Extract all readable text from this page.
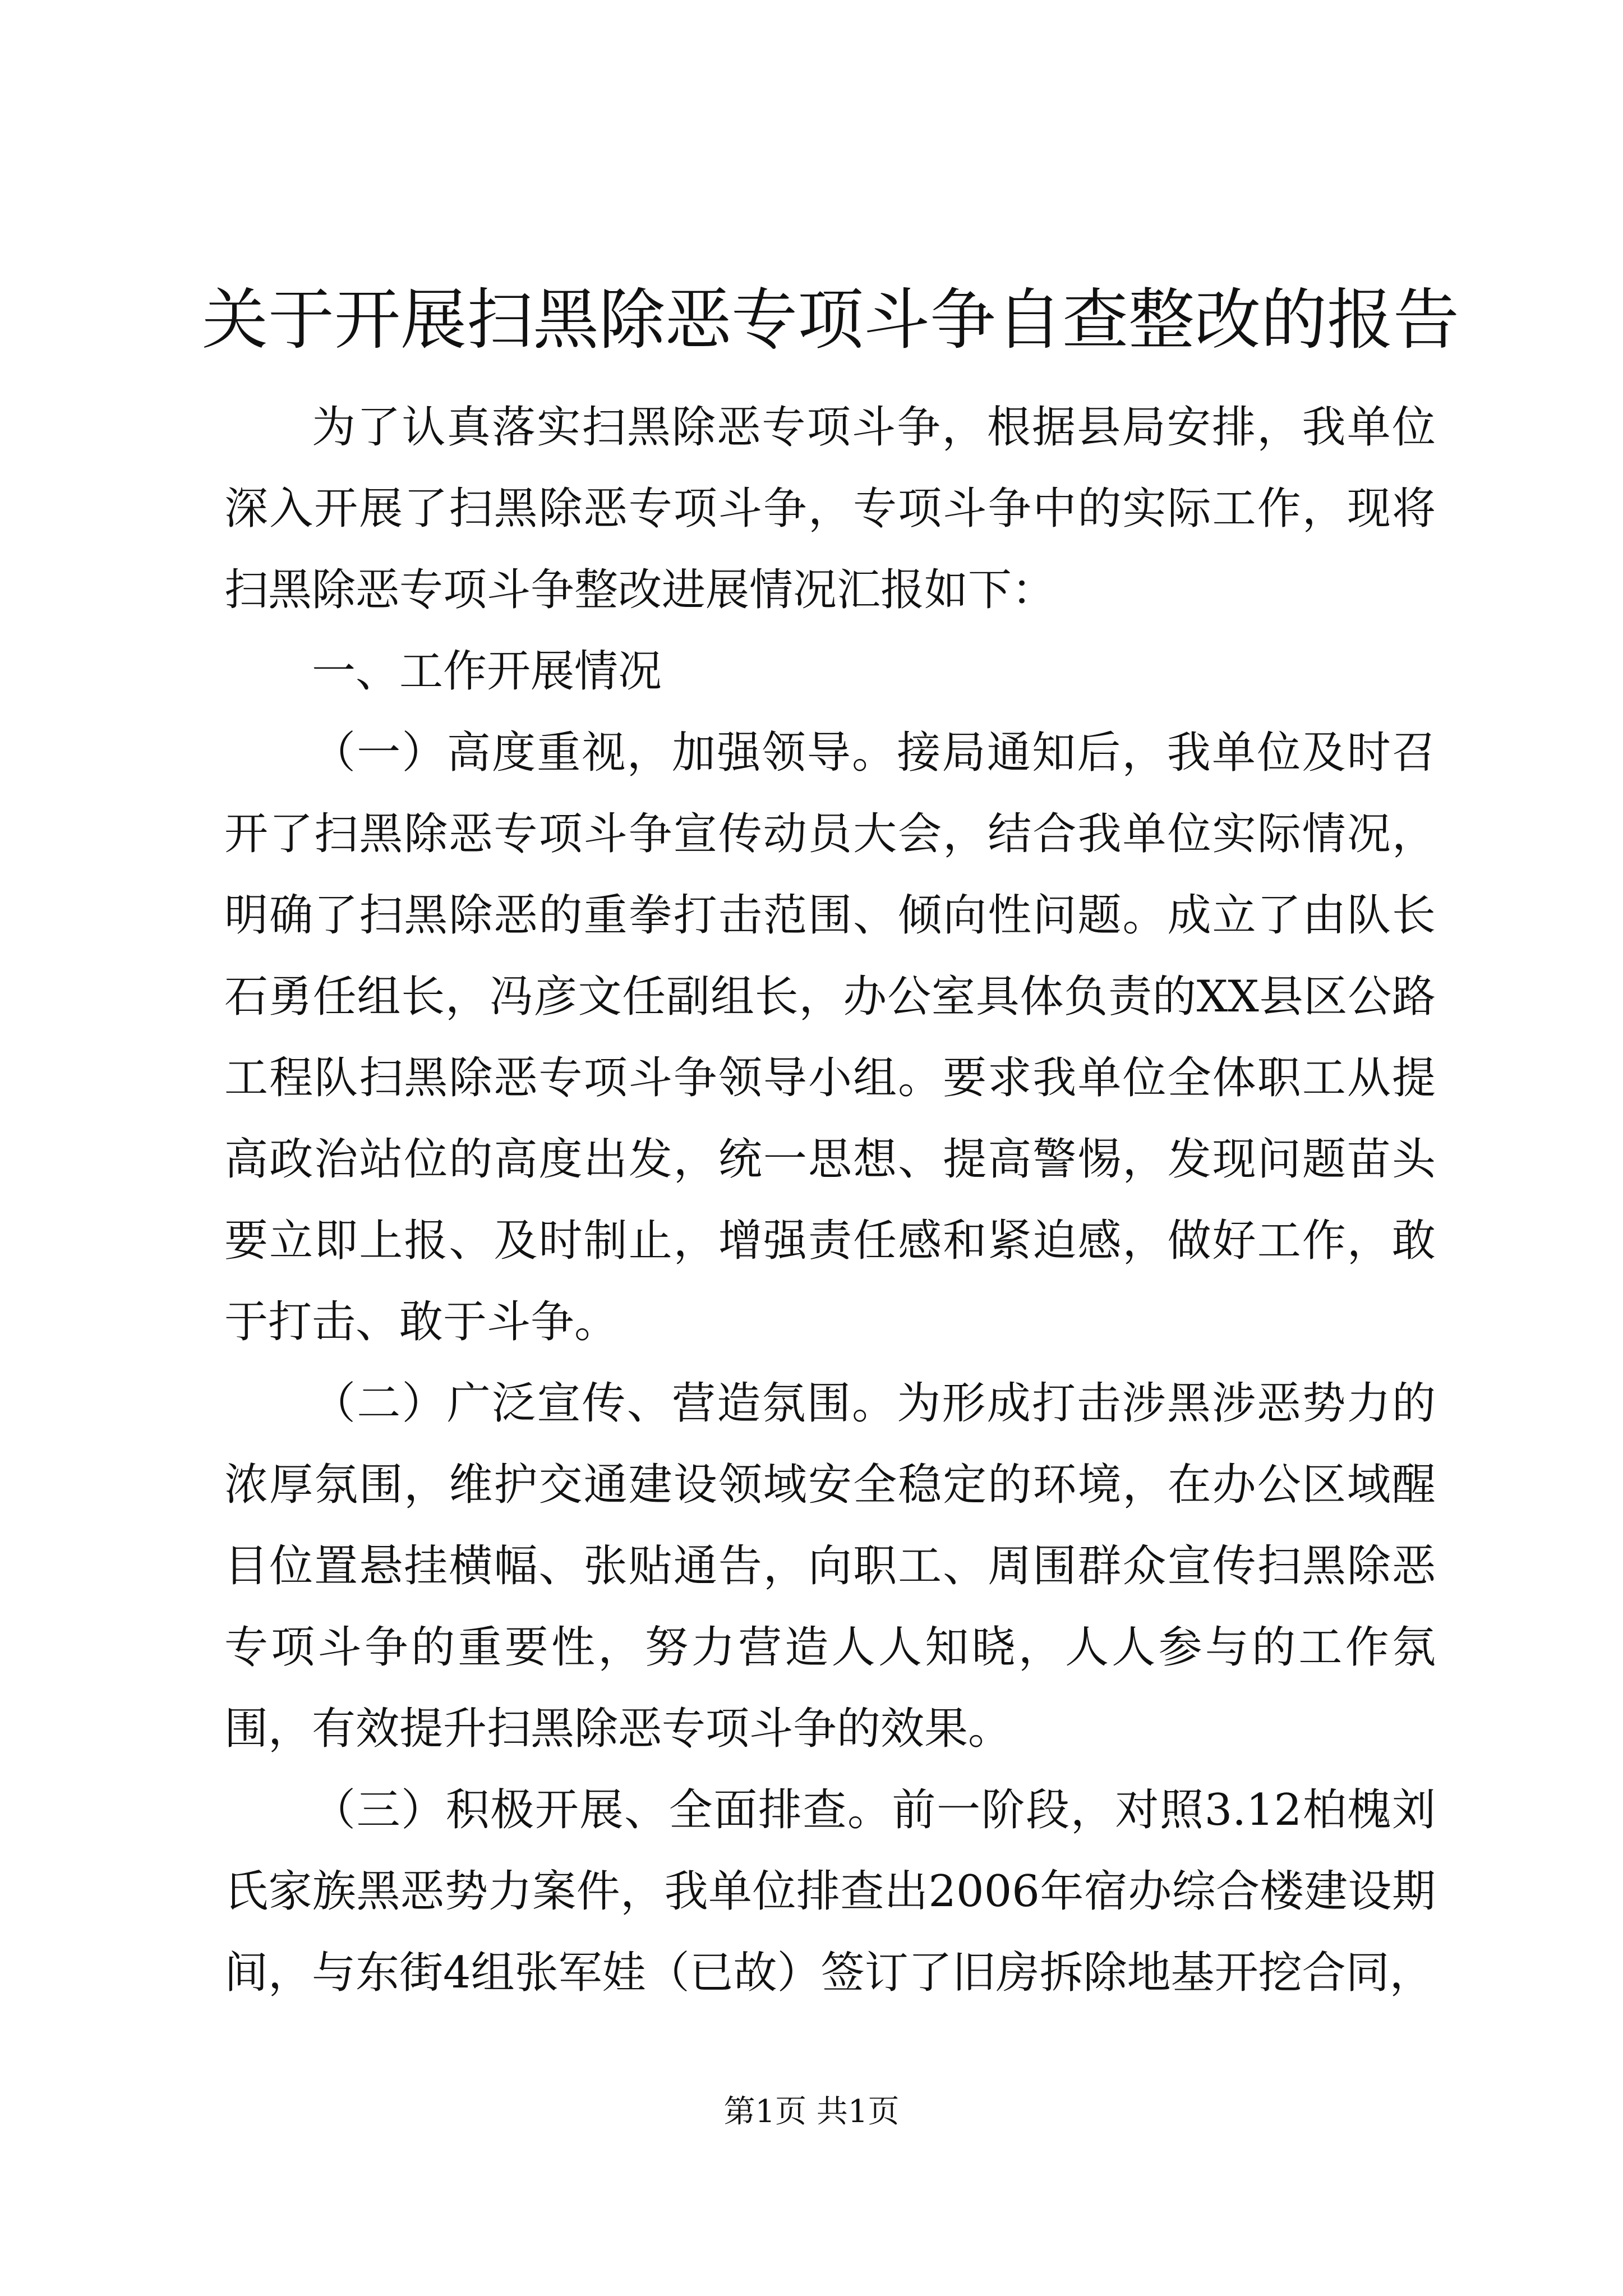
关于开展扫黑除恶专项斗争自查整改的报告

为了认真落实扫黑除恶专项斗争，根据县局安排，我单位深入开展了扫黑除恶专项斗争，专项斗争中的实际工作，现将扫黑除恶专项斗争整改进展情况汇报如下：

一、工作开展情况

（一）高度重视，加强领导。接局通知后，我单位及时召开了扫黑除恶专项斗争宣传动员大会，结合我单位实际情况，明确了扫黑除恶的重拳打击范围、倾向性问题。成立了由队长石勇任组长，冯彦文任副组长，办公室具体负责的XX县区公路工程队扫黑除恶专项斗争领导小组。要求我单位全体职工从提高政治站位的高度出发，统一思想、提高警惕，发现问题苗头要立即上报、及时制止，增强责任感和紧迫感，做好工作，敢于打击、敢于斗争。

（二）广泛宣传、营造氛围。为形成打击涉黑涉恶势力的浓厚氛围，维护交通建设领域安全稳定的环境，在办公区域醒目位置悬挂横幅、张贴通告，向职工、周围群众宣传扫黑除恶专项斗争的重要性，努力营造人人知晓，人人参与的工作氛围，有效提升扫黑除恶专项斗争的效果。

（三）积极开展、全面排查。前一阶段，对照3.12柏槐刘氏家族黑恶势力案件，我单位排查出2006年宿办综合楼建设期间，与东街4组张军娃（已故）签订了旧房拆除地基开挖合同，

第1页 共1页
